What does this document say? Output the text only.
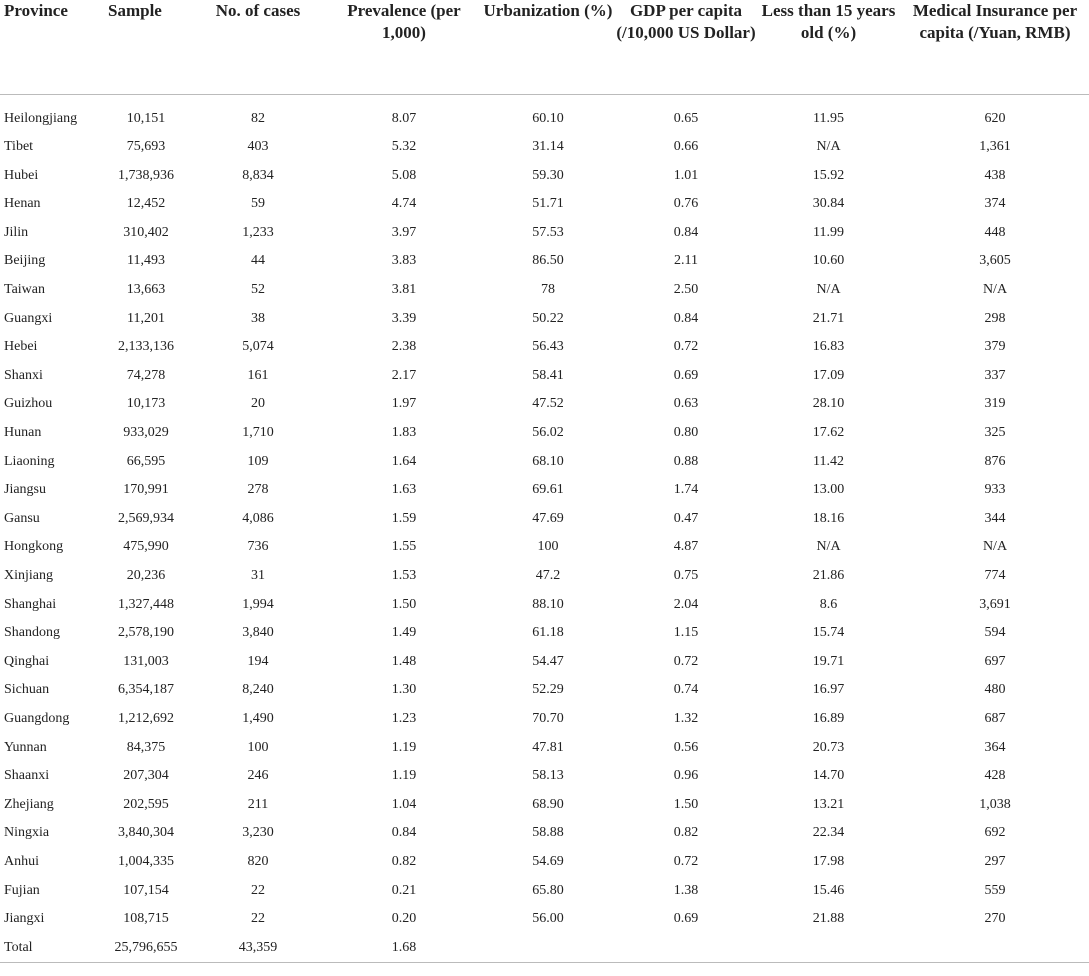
Province	Sample	No. of cases	Prevalence (per 1,000)	Urbanization (%)	GDP per capita (/10,000 US Dollar)	Less than 15 years old (%)	Medical Insurance per capita (/Yuan, RMB)

Heilongjiang	10,151	82	8.07	60.10	0.65	11.95	620
Tibet	75,693	403	5.32	31.14	0.66	N/A	1,361
Hubei	1,738,936	8,834	5.08	59.30	1.01	15.92	438
Henan	12,452	59	4.74	51.71	0.76	30.84	374
Jilin	310,402	1,233	3.97	57.53	0.84	11.99	448
Beijing	11,493	44	3.83	86.50	2.11	10.60	3,605
Taiwan	13,663	52	3.81	78	2.50	N/A	N/A
Guangxi	11,201	38	3.39	50.22	0.84	21.71	298
Hebei	2,133,136	5,074	2.38	56.43	0.72	16.83	379
Shanxi	74,278	161	2.17	58.41	0.69	17.09	337
Guizhou	10,173	20	1.97	47.52	0.63	28.10	319
Hunan	933,029	1,710	1.83	56.02	0.80	17.62	325
Liaoning	66,595	109	1.64	68.10	0.88	11.42	876
Jiangsu	170,991	278	1.63	69.61	1.74	13.00	933
Gansu	2,569,934	4,086	1.59	47.69	0.47	18.16	344
Hongkong	475,990	736	1.55	100	4.87	N/A	N/A
Xinjiang	20,236	31	1.53	47.2	0.75	21.86	774
Shanghai	1,327,448	1,994	1.50	88.10	2.04	8.6	3,691
Shandong	2,578,190	3,840	1.49	61.18	1.15	15.74	594
Qinghai	131,003	194	1.48	54.47	0.72	19.71	697
Sichuan	6,354,187	8,240	1.30	52.29	0.74	16.97	480
Guangdong	1,212,692	1,490	1.23	70.70	1.32	16.89	687
Yunnan	84,375	100	1.19	47.81	0.56	20.73	364
Shaanxi	207,304	246	1.19	58.13	0.96	14.70	428
Zhejiang	202,595	211	1.04	68.90	1.50	13.21	1,038
Ningxia	3,840,304	3,230	0.84	58.88	0.82	22.34	692
Anhui	1,004,335	820	0.82	54.69	0.72	17.98	297
Fujian	107,154	22	0.21	65.80	1.38	15.46	559
Jiangxi	108,715	22	0.20	56.00	0.69	21.88	270
Total	25,796,655	43,359	1.68				
